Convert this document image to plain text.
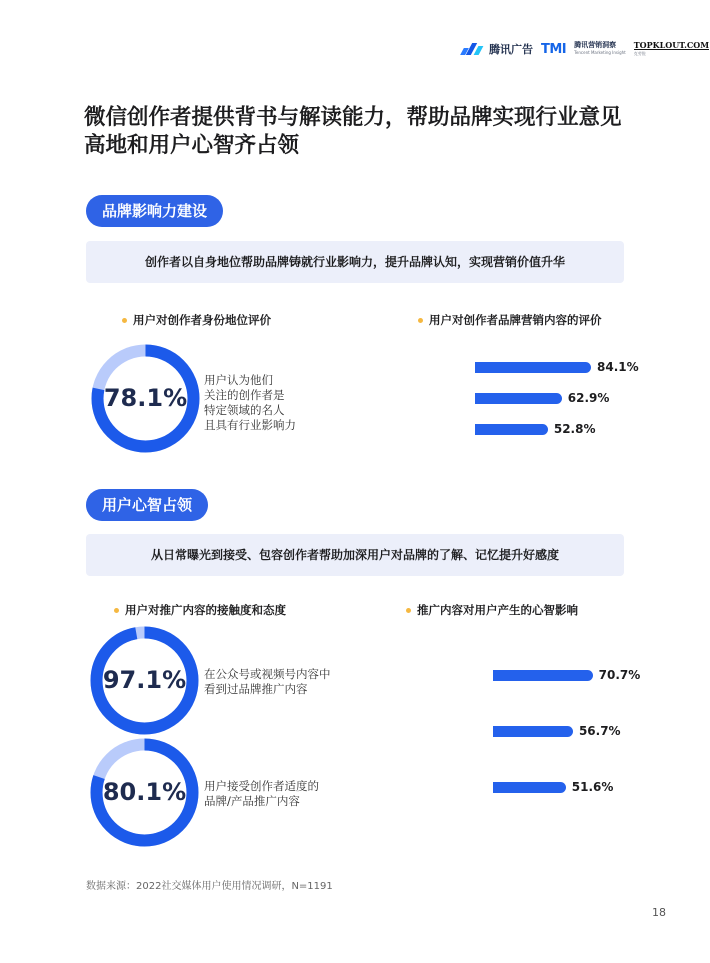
腾讯广告 TMI 腾讯营销洞察
Tencent Marketing Insight
TOPKLOUT.COM
克劳锐
微信创作者提供背书与解读能力，帮助品牌实现行业意见
高地和用户心智齐占领
品牌影响力建设
创作者以自身地位帮助品牌铸就行业影响力，提升品牌认知，实现营销价值升华
用户对创作者身份地位评价	用户对创作者品牌营销内容的评价
78.1%
用户认为他们
关注的创作者是
特定领域的名人
且具有行业影响力
84.1%
62.9%
52.8%
用户心智占领
从日常曝光到接受、包容创作者帮助加深用户对品牌的了解、记忆提升好感度
用户对推广内容的接触度和态度	推广内容对用户产生的心智影响
97.1%	在公众号或视频号内容中
看到过品牌推广内容
80.1%	用户接受创作者适度的
品牌/产品推广内容
70.7%
56.7%
51.6%
数据来源：2022社交媒体用户使用情况调研，N=1191
18
